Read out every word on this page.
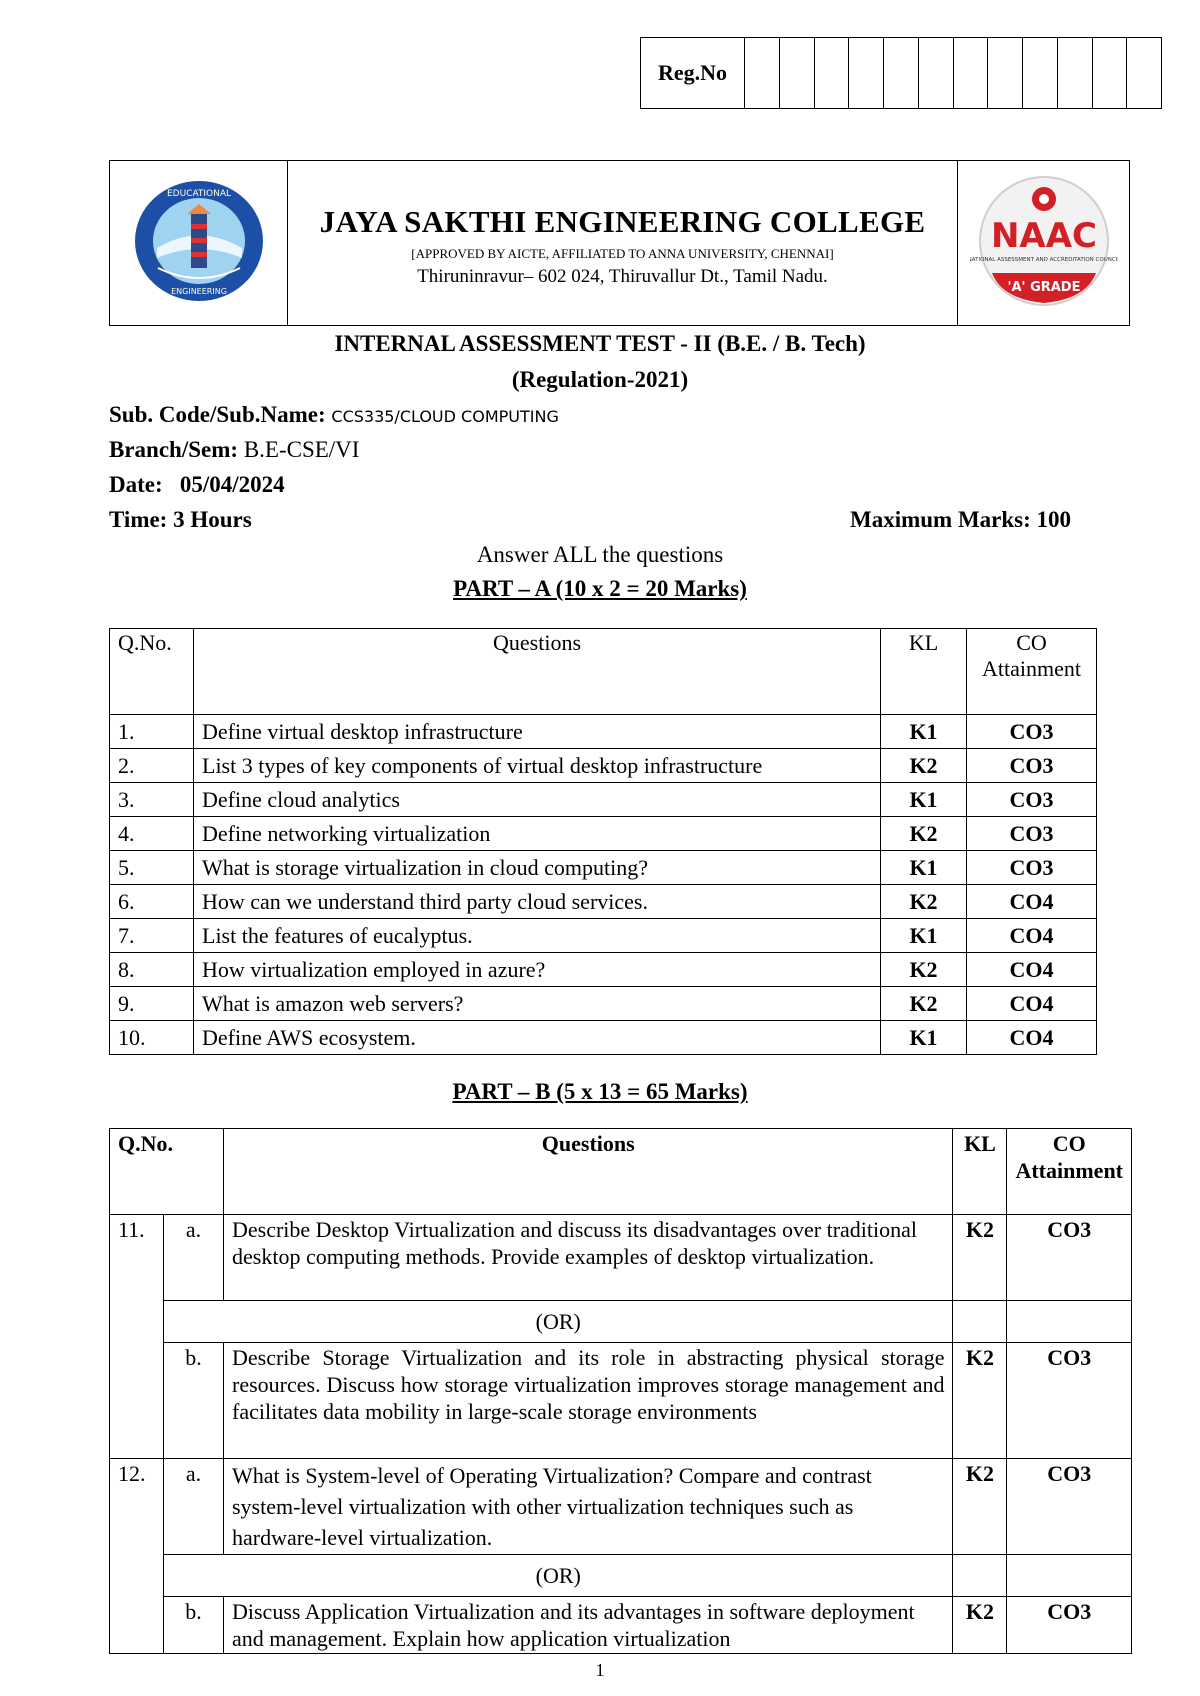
Reg.No												
EDUCATIONAL
ENGINEERING

JAYA SAKTHI ENGINEERING COLLEGE
[APPROVED BY AICTE, AFFILIATED TO ANNA UNIVERSITY, CHENNAI]
Thiruninravur– 602 024, Thiruvallur Dt., Tamil Nadu.

NAAC
NATIONAL ASSESSMENT AND ACCREDITATION COUNCIL
'A' GRADE
INTERNAL ASSESSMENT TEST - II (B.E. / B. Tech)
(Regulation-2021)
Sub. Code/Sub.Name: CCS335/CLOUD COMPUTING
Branch/Sem: B.E-CSE/VI
Date: 05/04/2024
Time: 3 Hours	Maximum Marks: 100
Answer ALL the questions
PART – A (10 x 2 = 20 Marks)
Q.No.	Questions	KL	CO Attainment
1.	Define virtual desktop infrastructure	K1	CO3
2.	List 3 types of key components of virtual desktop infrastructure	K2	CO3
3.	Define cloud analytics	K1	CO3
4.	Define networking virtualization	K2	CO3
5.	What is storage virtualization in cloud computing?	K1	CO3
6.	How can we understand third party cloud services.	K2	CO4
7.	List the features of eucalyptus.	K1	CO4
8.	How virtualization employed in azure?	K2	CO4
9.	What is amazon web servers?	K2	CO4
10.	Define AWS ecosystem.	K1	CO4
PART – B (5 x 13 = 65 Marks)
Q.No.		Questions	KL	CO Attainment
11.	a.	Describe Desktop Virtualization and discuss its disadvantages over traditional desktop computing methods. Provide examples of desktop virtualization.	K2	CO3
	(OR)			
	b.	Describe Storage Virtualization and its role in abstracting physical storage resources. Discuss how storage virtualization improves storage management and facilitates data mobility in large-scale storage environments	K2	CO3
12.	a.	What is System-level of Operating Virtualization? Compare and contrast system-level virtualization with other virtualization techniques such as hardware-level virtualization.	K2	CO3
	(OR)			
	b.	Discuss Application Virtualization and its advantages in software deployment and management. Explain how application virtualization	K2	CO3
1
